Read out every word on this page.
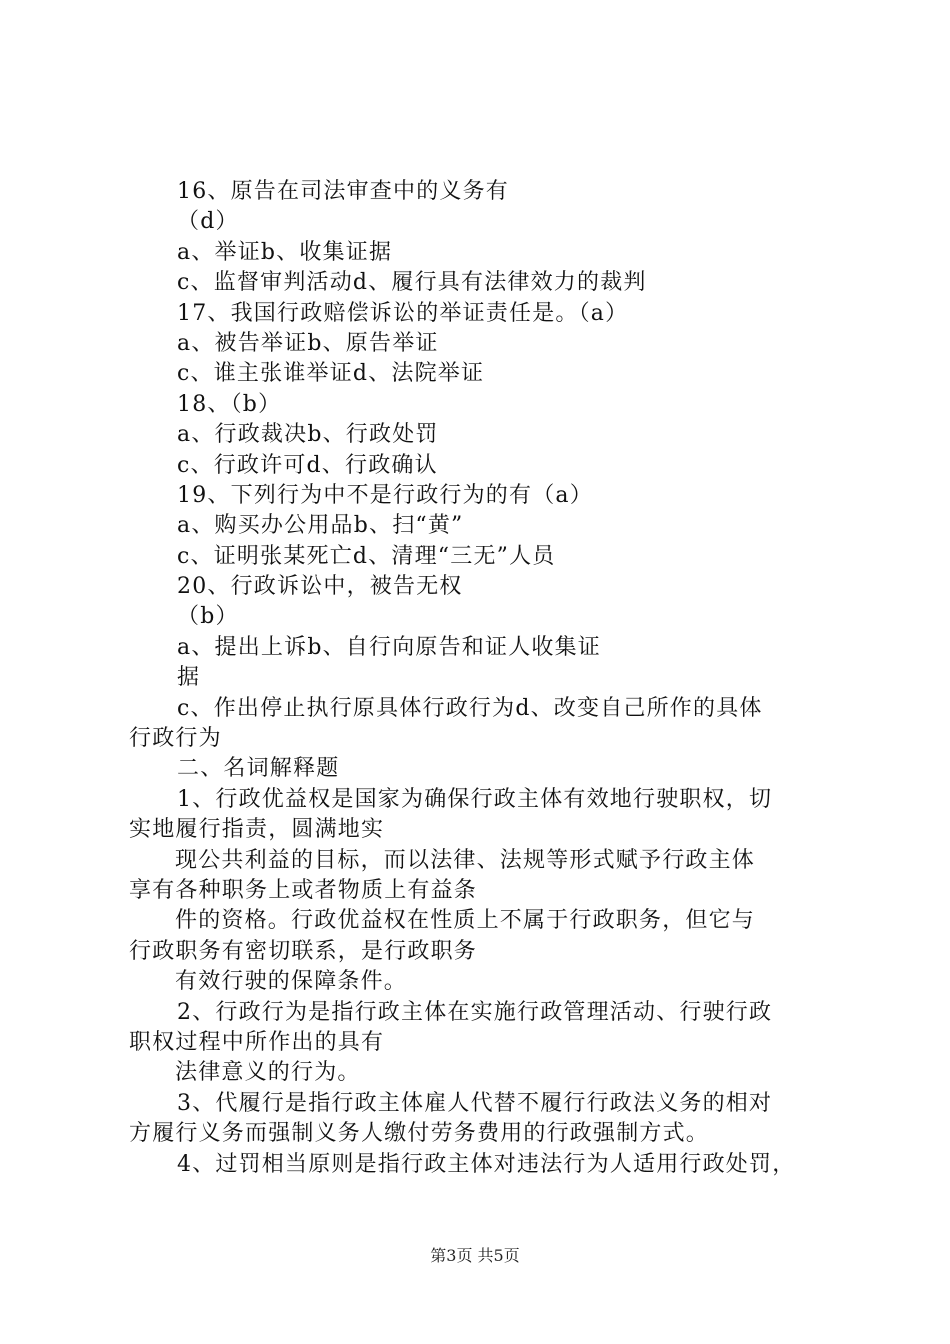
16、原告在司法审查中的义务有
（d）
a、举证b、收集证据
c、监督审判活动d、履行具有法律效力的裁判
17、我国行政赔偿诉讼的举证责任是。（a）
a、被告举证b、原告举证
c、谁主张谁举证d、法院举证
18、（b）
a、行政裁决b、行政处罚
c、行政许可d、行政确认
19、下列行为中不是行政行为的有（a）
a、购买办公用品b、扫“黄”
c、证明张某死亡d、清理“三无”人员
20、行政诉讼中，被告无权
（b）
a、提出上诉b、自行向原告和证人收集证
据
c、作出停止执行原具体行政行为d、改变自己所作的具体
行政行为
二、名词解释题
1、行政优益权是国家为确保行政主体有效地行驶职权，切
实地履行指责，圆满地实
现公共利益的目标，而以法律、法规等形式赋予行政主体
享有各种职务上或者物质上有益条
件的资格。行政优益权在性质上不属于行政职务，但它与
行政职务有密切联系，是行政职务
有效行驶的保障条件。
2、行政行为是指行政主体在实施行政管理活动、行驶行政
职权过程中所作出的具有
法律意义的行为。
3、代履行是指行政主体雇人代替不履行行政法义务的相对
方履行义务而强制义务人缴付劳务费用的行政强制方式。
4、过罚相当原则是指行政主体对违法行为人适用行政处罚，
第3页 共5页
